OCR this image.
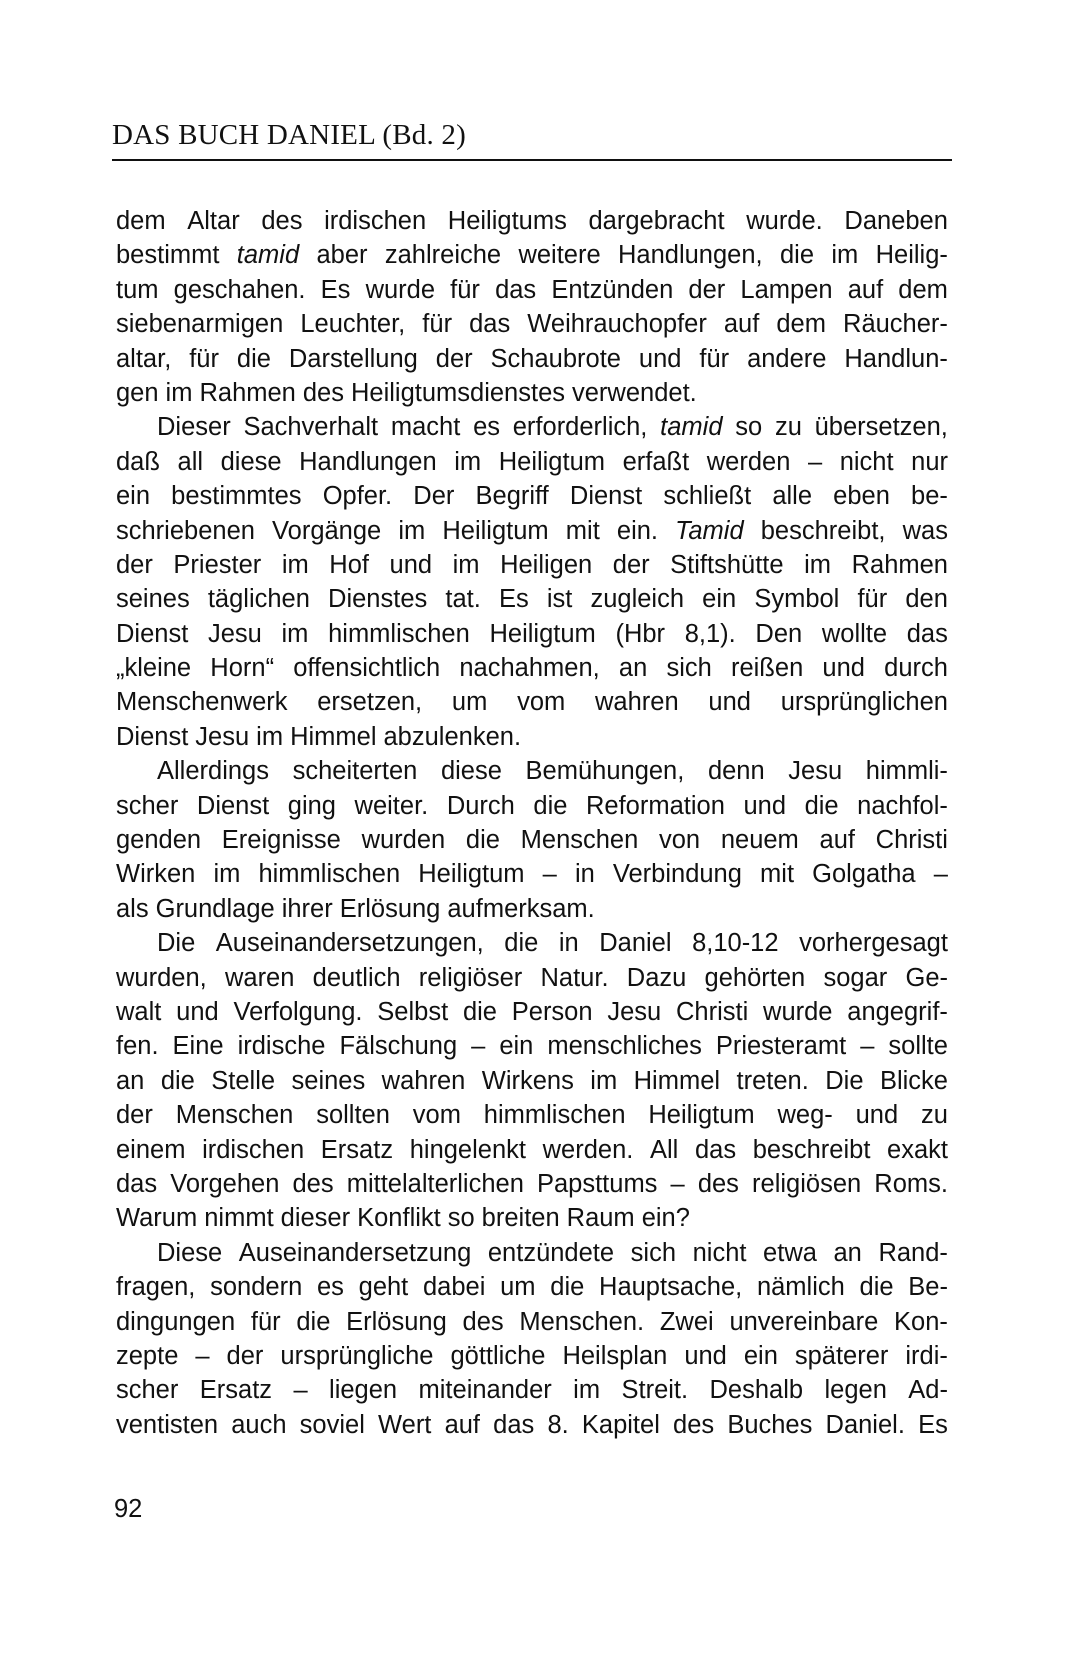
DAS BUCH DANIEL (Bd. 2)
dem Altar des irdischen Heiligtums dargebracht wurde. Daneben
bestimmt tamid aber zahlreiche weitere Handlungen, die im Heilig-
tum geschahen. Es wurde für das Entzünden der Lampen auf dem
siebenarmigen Leuchter, für das Weihrauchopfer auf dem Räucher-
altar, für die Darstellung der Schaubrote und für andere Handlun-
gen im Rahmen des Heiligtumsdienstes verwendet.
Dieser Sachverhalt macht es erforderlich, tamid so zu übersetzen,
daß all diese Handlungen im Heiligtum erfaßt werden – nicht nur
ein bestimmtes Opfer. Der Begriff Dienst schließt alle eben be-
schriebenen Vorgänge im Heiligtum mit ein. Tamid beschreibt, was
der Priester im Hof und im Heiligen der Stiftshütte im Rahmen
seines täglichen Dienstes tat. Es ist zugleich ein Symbol für den
Dienst Jesu im himmlischen Heiligtum (Hbr 8,1). Den wollte das
„kleine Horn“ offensichtlich nachahmen, an sich reißen und durch
Menschenwerk ersetzen, um vom wahren und ursprünglichen
Dienst Jesu im Himmel abzulenken.
Allerdings scheiterten diese Bemühungen, denn Jesu himmli-
scher Dienst ging weiter. Durch die Reformation und die nachfol-
genden Ereignisse wurden die Menschen von neuem auf Christi
Wirken im himmlischen Heiligtum – in Verbindung mit Golgatha –
als Grundlage ihrer Erlösung aufmerksam.
Die Auseinandersetzungen, die in Daniel 8,10-12 vorhergesagt
wurden, waren deutlich religiöser Natur. Dazu gehörten sogar Ge-
walt und Verfolgung. Selbst die Person Jesu Christi wurde angegrif-
fen. Eine irdische Fälschung – ein menschliches Priesteramt – sollte
an die Stelle seines wahren Wirkens im Himmel treten. Die Blicke
der Menschen sollten vom himmlischen Heiligtum weg- und zu
einem irdischen Ersatz hingelenkt werden. All das beschreibt exakt
das Vorgehen des mittelalterlichen Papsttums – des religiösen Roms.
Warum nimmt dieser Konflikt so breiten Raum ein?
Diese Auseinandersetzung entzündete sich nicht etwa an Rand-
fragen, sondern es geht dabei um die Hauptsache, nämlich die Be-
dingungen für die Erlösung des Menschen. Zwei unvereinbare Kon-
zepte – der ursprüngliche göttliche Heilsplan und ein späterer irdi-
scher Ersatz – liegen miteinander im Streit. Deshalb legen Ad-
ventisten auch soviel Wert auf das 8. Kapitel des Buches Daniel. Es
92
